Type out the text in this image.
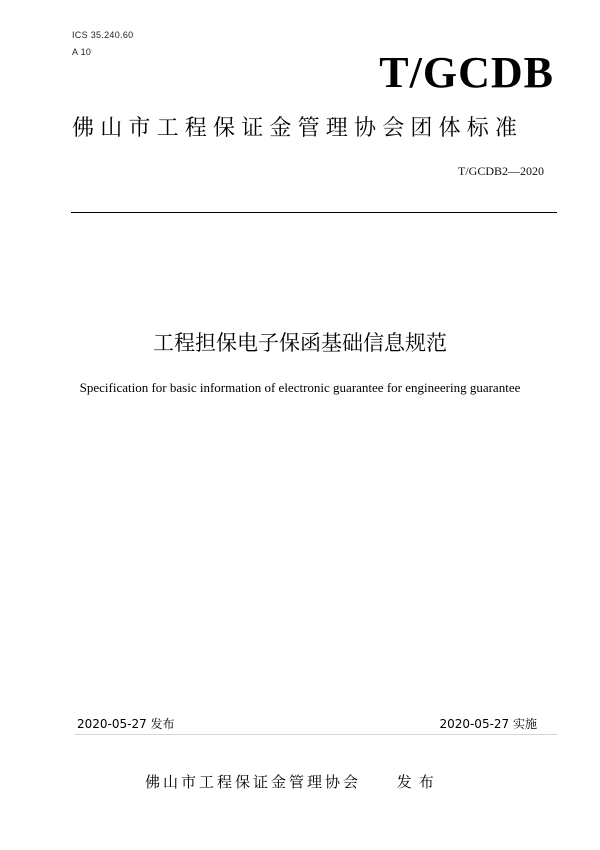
ICS 35.240.60
A 10	T/GCDB
佛山市工程保证金管理协会团体标准
T/GCDB2—2020
工程担保电子保函基础信息规范
Specification for basic information of electronic guarantee for engineering guarantee
2020-05-27 发布	2020-05-27 实施
佛山市工程保证金管理协会 发布
